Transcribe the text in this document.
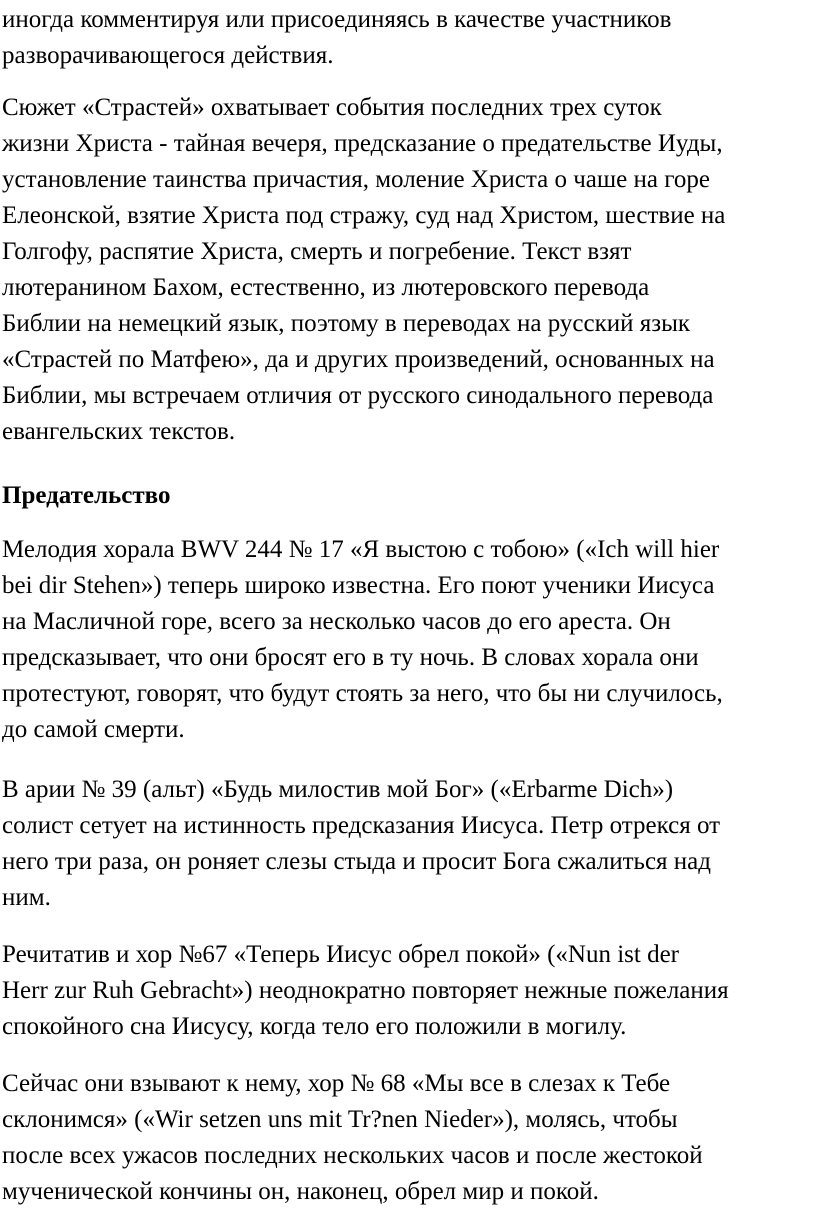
иногда комментируя или присоединяясь в качестве участников
разворачивающегося действия.

Сюжет «Страстей» охватывает события последних трех суток
жизни Христа - тайная вечеря, предсказание о предательстве Иуды,
установление таинства причастия, моление Христа о чаше на горе
Елеонской, взятие Христа под стражу, суд над Христом, шествие на
Голгофу, распятие Христа, смерть и погребение. Текст взят
лютеранином Бахом, естественно, из лютеровского перевода
Библии на немецкий язык, поэтому в переводах на русский язык
«Страстей по Матфею», да и других произведений, основанных на
Библии, мы встречаем отличия от русского синодального перевода
евангельских текстов.

Предательство

Мелодия хорала BWV 244 № 17 «Я выстою с тобою» («Ich will hier
bei dir Stehen») теперь широко известна. Его поют ученики Иисуса
на Масличной горе, всего за несколько часов до его ареста. Он
предсказывает, что они бросят его в ту ночь. В словах хорала они
протестуют, говорят, что будут стоять за него, что бы ни случилось,
до самой смерти.

В арии № 39 (альт) «Будь милостив мой Бог» («Erbarme Dich»)
солист сетует на истинность предсказания Иисуса. Петр отрекся от
него три раза, он роняет слезы стыда и просит Бога сжалиться над
ним.

Речитатив и хор №67 «Теперь Иисус обрел покой» («Nun ist der
Herr zur Ruh Gebracht») неоднократно повторяет нежные пожелания
спокойного сна Иисусу, когда тело его положили в могилу.

Сейчас они взывают к нему, хор № 68 «Мы все в слезах к Тебе
склонимся» («Wir setzen uns mit Tr?nen Nieder»), молясь, чтобы
после всех ужасов последних нескольких часов и после жестокой
мученической кончины он, наконец, обрел мир и покой.
